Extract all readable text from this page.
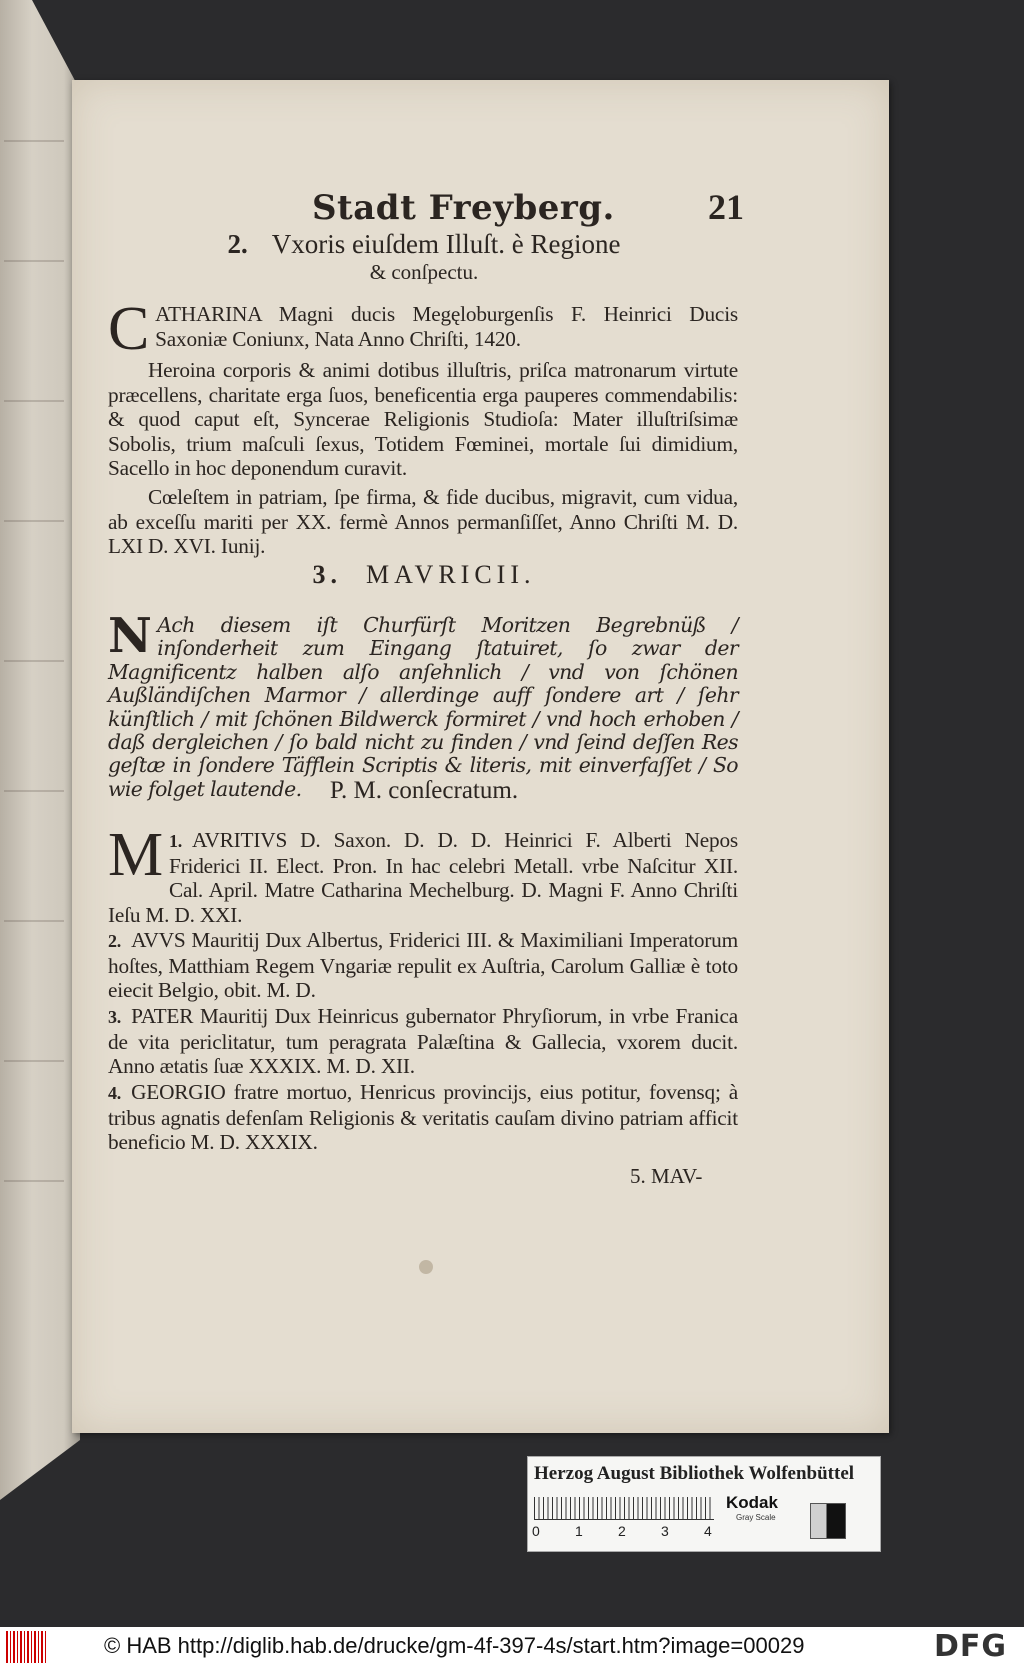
Stadt Freyberg.	21
2. Vxoris eiuſdem Illuſt. è Regione
& conſpectu.
CATHARINA Magni ducis Megęloburgenſis F. Heinrici Ducis Saxoniæ Coniunx, Nata Anno Chriſti, 1420.
Heroina corporis & animi dotibus illuſtris, priſca matronarum virtute præcellens, charitate erga ſuos, beneficentia erga pauperes commendabilis: & quod caput eſt, Syncerae Religionis Studioſa: Mater illuſtriſsimæ Sobolis, trium maſculi ſexus, Totidem Fœminei, mortale ſui dimidium, Sacello in hoc deponendum curavit.
Cœleſtem in patriam, ſpe firma, & fide ducibus, migravit, cum vidua, ab exceſſu mariti per XX. fermè Annos permanſiſſet, Anno Chriſti M. D. LXI D. XVI. Iunij.
3. MAVRICII.
N Ach diesem iſt Churfürſt Moritzen Begrebnüß / inſonderheit zum Eingang ſtatuiret, ſo zwar der Magnificentz halben alſo anſehnlich / vnd von ſchönen Außländiſchen Marmor / allerdinge auff ſondere art / ſehr künſtlich / mit ſchönen Bildwerck formiret / vnd hoch erhoben / daß dergleichen / ſo bald nicht zu finden / vnd ſeind deſſen Res geſtæ in ſondere Täfflein Scriptis & literis, mit einverfaſſet / So wie folget lautende.	P. M. conſecratum.
1.
M AVRITIVS D. Saxon. D. D. D. Heinrici F. Alberti Nepos Friderici II. Elect. Pron. In hac celebri Metall. vrbe Naſcitur XII. Cal. April. Matre Catharina Mechelburg. D. Magni F. Anno Chriſti Ieſu M. D. XXI.
2. AVVS Mauritij Dux Albertus, Friderici III. & Maximiliani Imperatorum hoſtes, Matthiam Regem Vngariæ repulit ex Auſtria, Carolum Galliæ è toto eiecit Belgio, obit. M. D.
3. PATER Mauritij Dux Heinricus gubernator Phryſiorum, in vrbe Franica de vita periclitatur, tum peragrata Palæſtina & Gallecia, vxorem ducit. Anno ætatis ſuæ XXXIX. M. D. XII.
4. GEORGIO fratre mortuo, Henricus provincijs, eius potitur, fovensq; à tribus agnatis defenſam Religionis & veritatis cauſam divino patriam afficit beneficio M. D. XXXIX.
5. MAV-
Herzog August Bibliothek Wolfenbüttel
0	1	2	3	4
Kodak
Gray Scale
© HAB http://diglib.hab.de/drucke/gm-4f-397-4s/start.htm?image=00029	DFG
